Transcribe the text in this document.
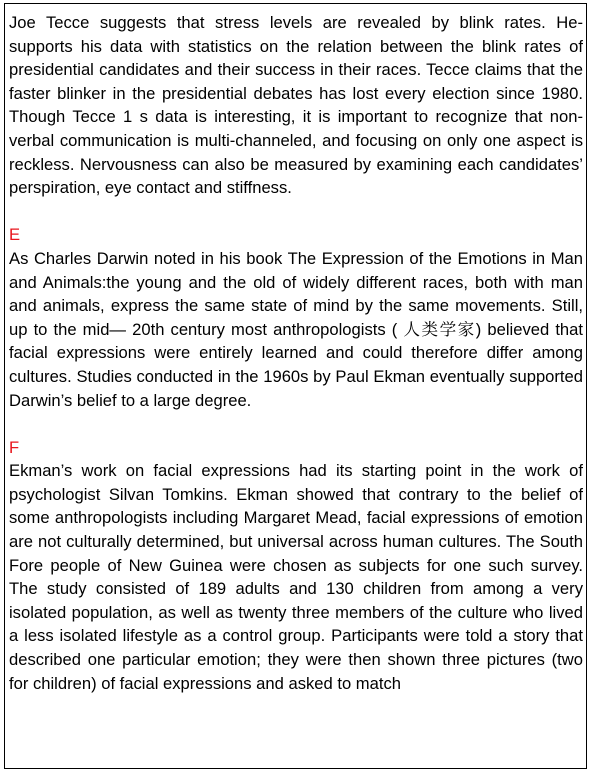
Joe Tecce suggests that stress levels are revealed by blink rates. He- supports his data with statistics on the relation between the blink rates of presidential candidates and their success in their races. Tecce claims that the faster blinker in the presidential debates has lost every election since 1980. Though Tecce 1 s data is interesting, it is important to recognize that non-verbal communication is multi-channeled, and focusing on only one aspect is reckless. Nervousness can also be measured by examining each candidates’ perspiration, eye contact and stiffness.

E

As Charles Darwin noted in his book The Expression of the Emotions in Man and Animals:the young and the old of widely different races, both with man and animals, express the same state of mind by the same movements. Still, up to the mid— 20th century most anthropologists ( 人类学家) believed that facial expressions were entirely learned and could therefore differ among cultures. Studies conducted in the 1960s by Paul Ekman eventually supported Darwin’s belief to a large degree.

F

Ekman’s work on facial expressions had its starting point in the work of psychologist Silvan Tomkins. Ekman showed that contrary to the belief of some anthropologists including Margaret Mead, facial expressions of emotion are not culturally determined, but universal across human cultures. The South Fore people of New Guinea were chosen as subjects for one such survey. The study consisted of 189 adults and 130 children from among a very isolated population, as well as twenty three members of the culture who lived a less isolated lifestyle as a control group. Participants were told a story that described one particular emotion; they were then shown three pictures (two for children) of facial expressions and asked to match
